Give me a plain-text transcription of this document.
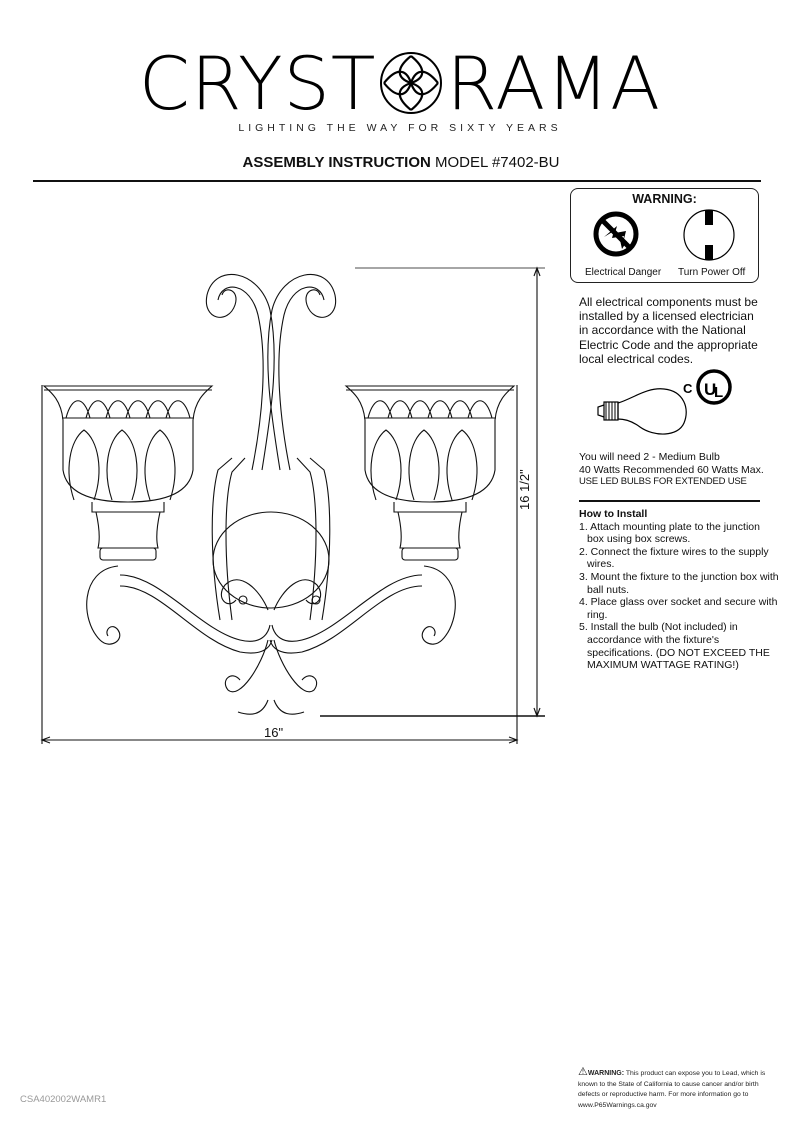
CRYST RAMA
LIGHTING THE WAY FOR SIXTY YEARS
ASSEMBLY INSTRUCTION MODEL #7402-BU
WARNING:
Electrical Danger Turn Power Off
All electrical components must be
installed by a licensed electrician
in accordance with the National
Electric Code and the appropriate
local electrical codes.
C U
L
You will need 2 - Medium Bulb
40 Watts Recommended 60 Watts Max.
USE LED BULBS FOR EXTENDED USE
How to Install
1. Attach mounting plate to the junction box using box screws.
2. Connect the fixture wires to the supply wires.
3. Mount the fixture to the junction box with ball nuts.
4. Place glass over socket and secure with ring.
5. Install the bulb (Not included) in accordance with the fixture's specifications. (DO NOT EXCEED THE MAXIMUM WATTAGE RATING!)
16"
16 1/2"
⚠WARNING: This product can expose you to Lead, which is known to the State of California to cause cancer and/or birth defects or reproductive harm. For more information go to www.P65Warnings.ca.gov
CSA402002WAMR1
